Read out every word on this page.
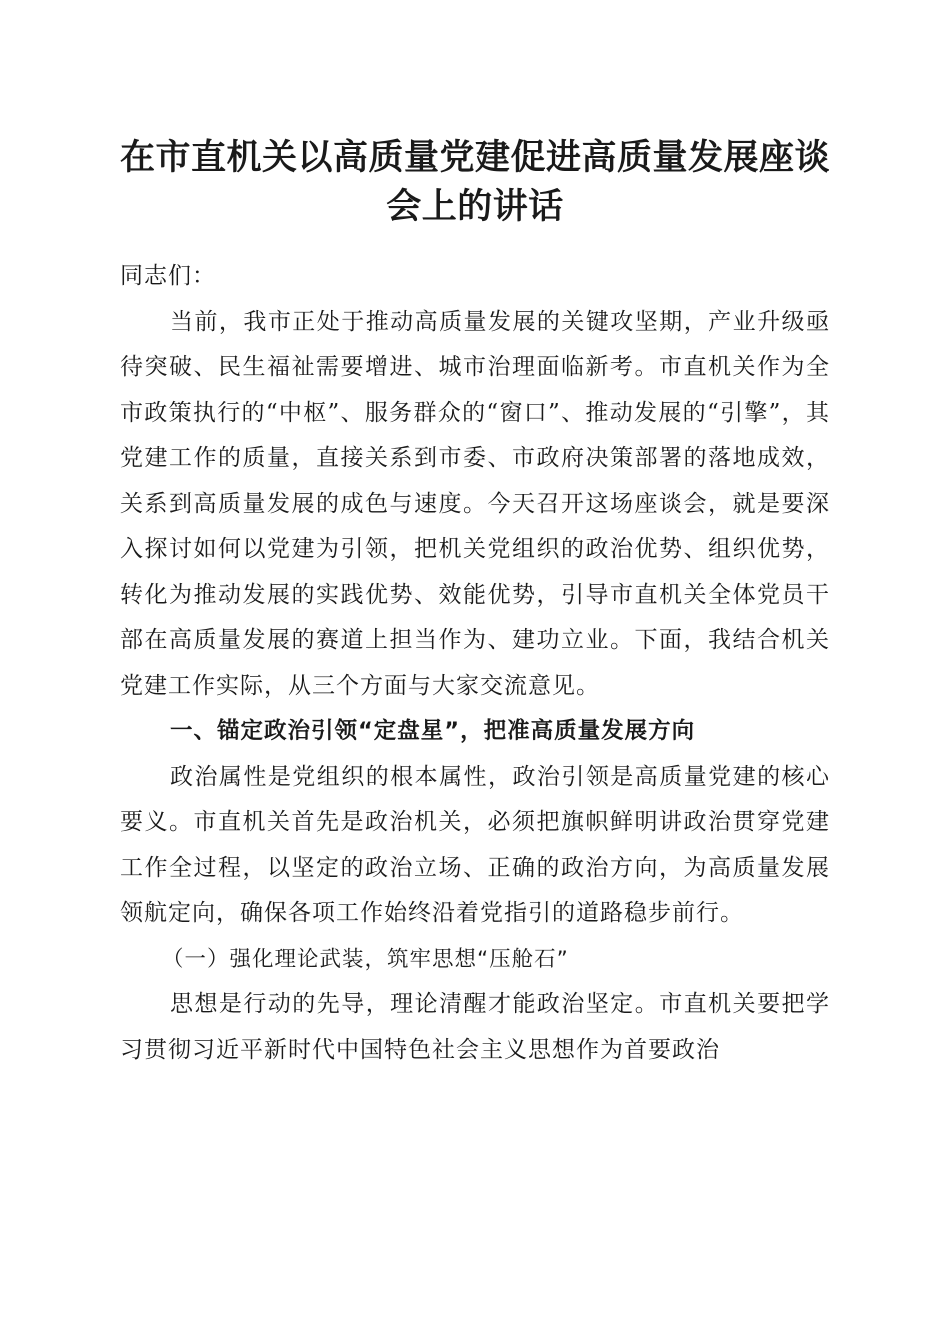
在市直机关以高质量党建促进高质量发展座谈
会上的讲话

同志们：

当前，我市正处于推动高质量发展的关键攻坚期，产业升级亟待突破、民生福祉需要增进、城市治理面临新考。市直机关作为全市政策执行的“中枢”、服务群众的“窗口”、推动发展的“引擎”，其党建工作的质量，直接关系到市委、市政府决策部署的落地成效，关系到高质量发展的成色与速度。今天召开这场座谈会，就是要深入探讨如何以党建为引领，把机关党组织的政治优势、组织优势，转化为推动发展的实践优势、效能优势，引导市直机关全体党员干部在高质量发展的赛道上担当作为、建功立业。下面，我结合机关党建工作实际，从三个方面与大家交流意见。

一、锚定政治引领“定盘星”，把准高质量发展方向

政治属性是党组织的根本属性，政治引领是高质量党建的核心要义。市直机关首先是政治机关，必须把旗帜鲜明讲政治贯穿党建工作全过程，以坚定的政治立场、正确的政治方向，为高质量发展领航定向，确保各项工作始终沿着党指引的道路稳步前行。

（一）强化理论武装，筑牢思想“压舱石”

思想是行动的先导，理论清醒才能政治坚定。市直机关要把学习贯彻习近平新时代中国特色社会主义思想作为首要政治
